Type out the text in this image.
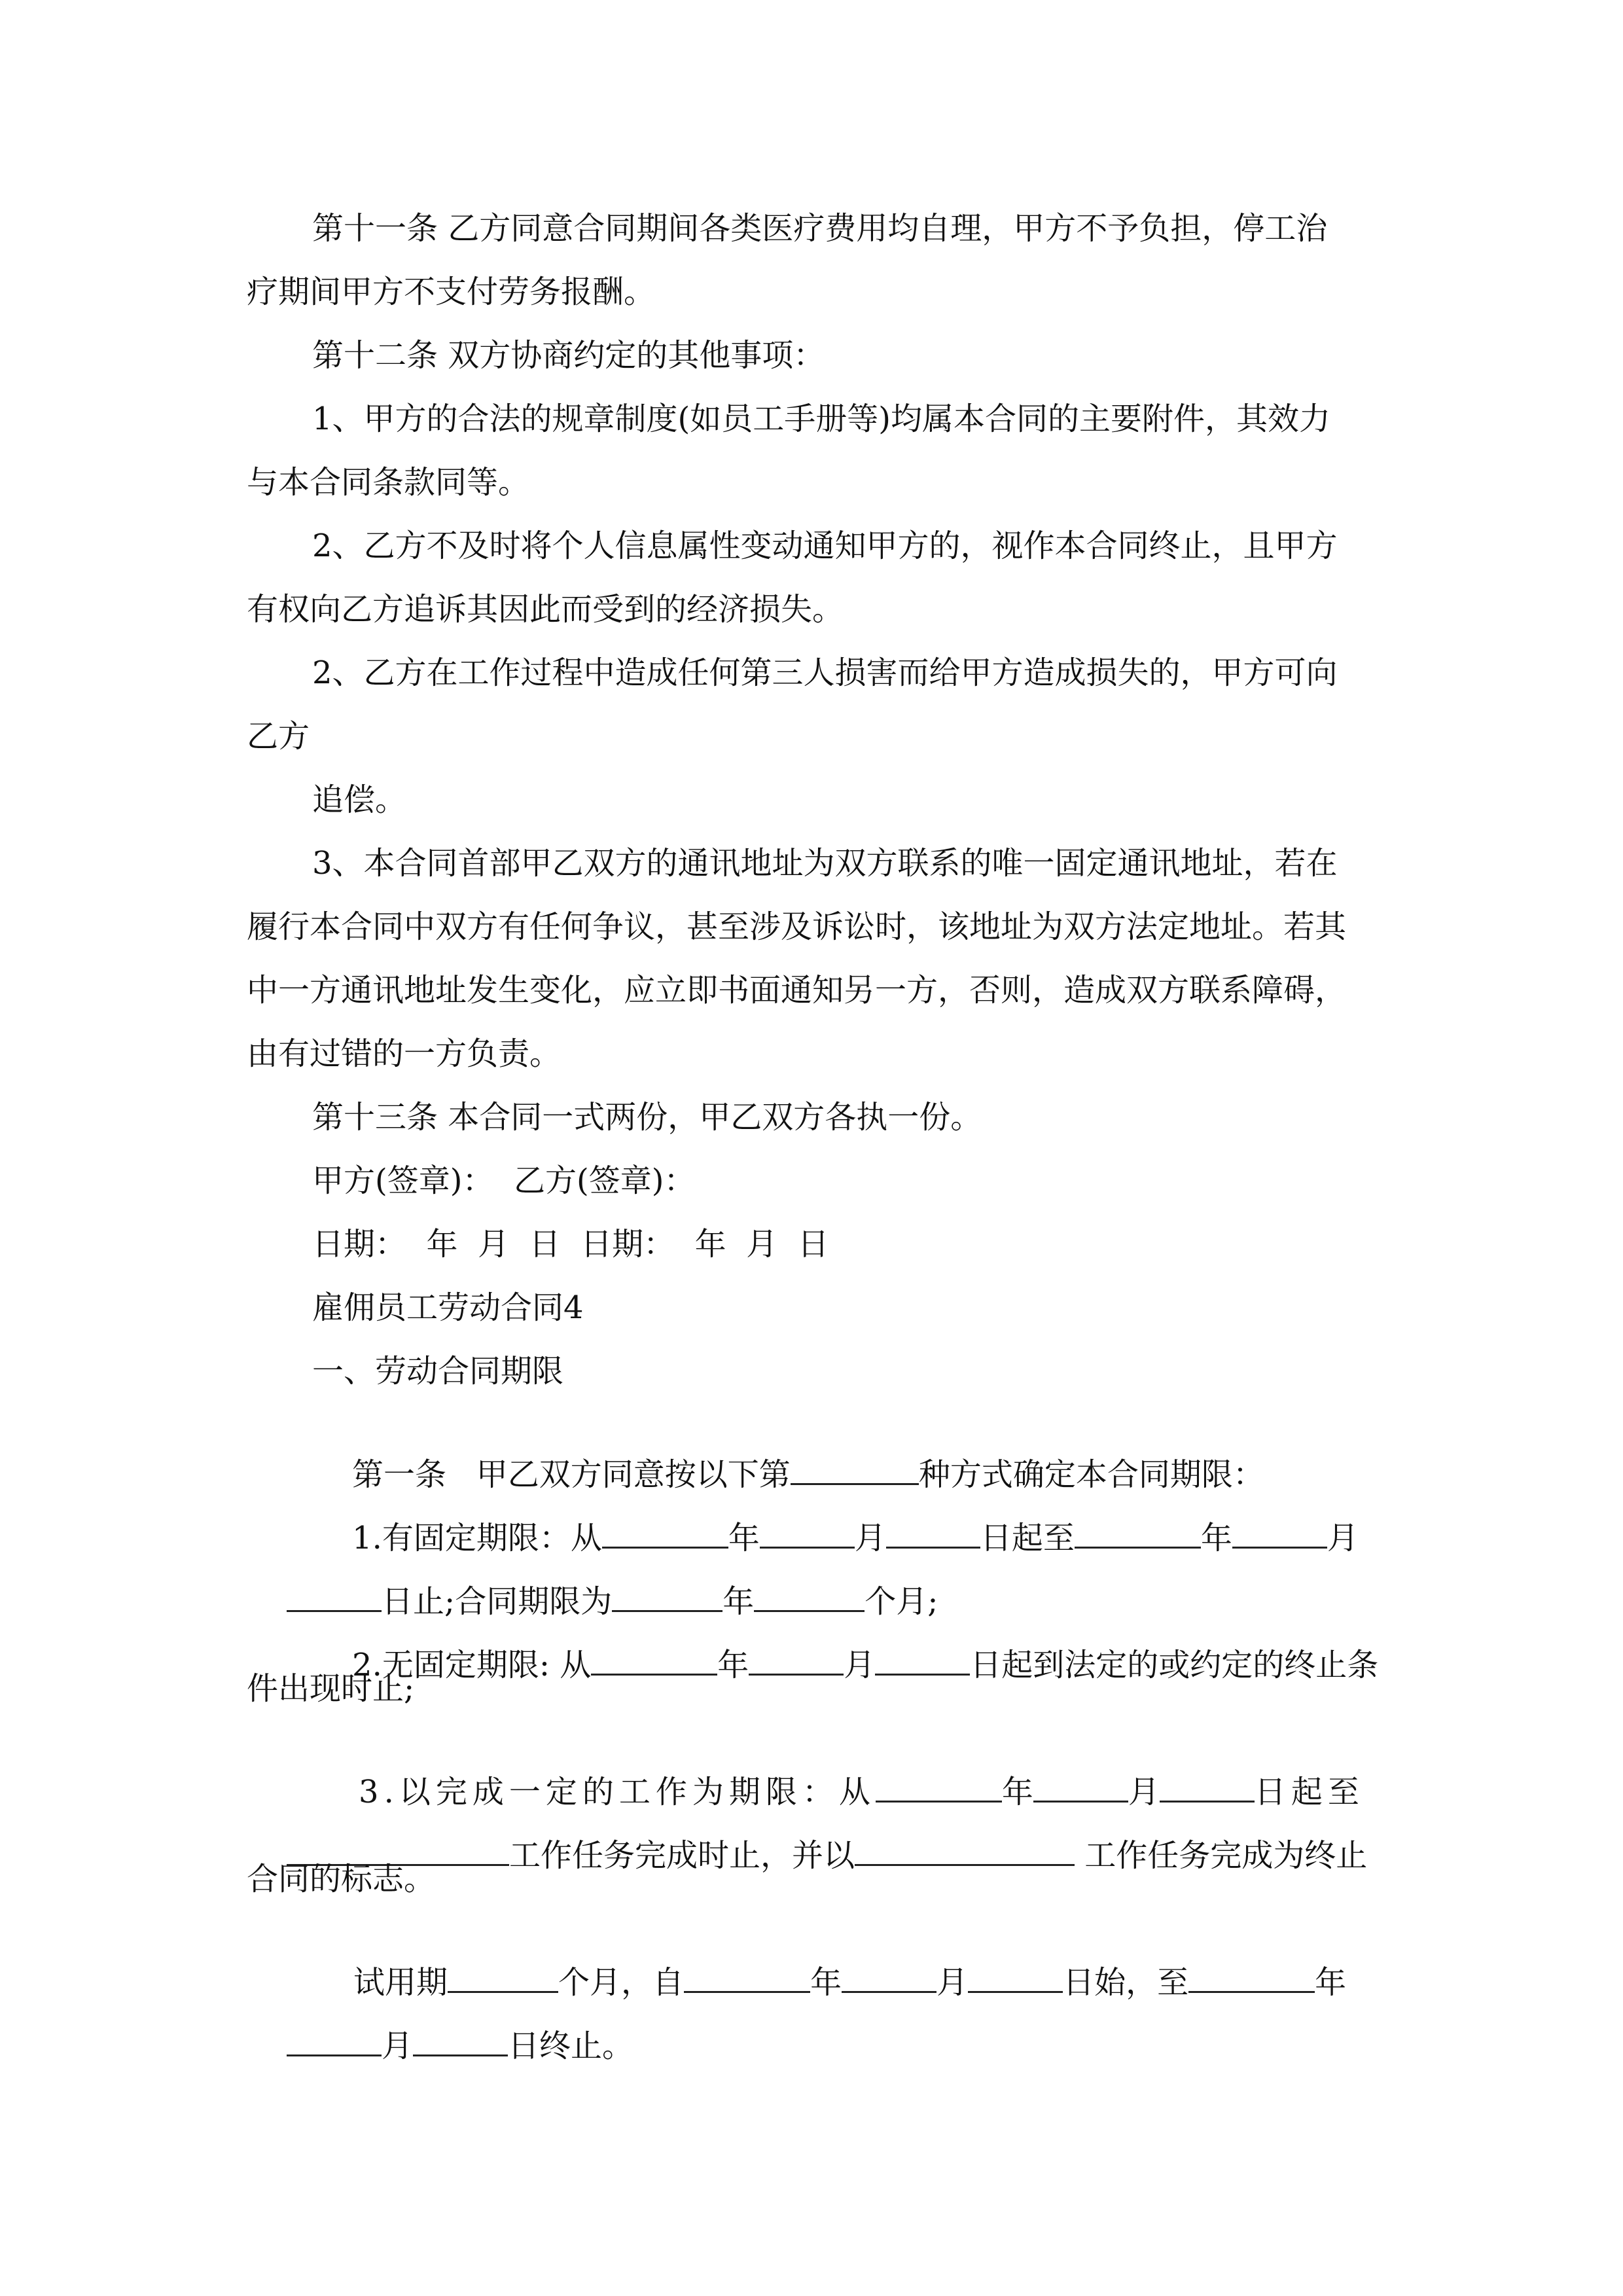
第十一条 乙方同意合同期间各类医疗费用均自理，甲方不予负担，停工治
疗期间甲方不支付劳务报酬。
第十二条 双方协商约定的其他事项：
1、甲方的合法的规章制度(如员工手册等)均属本合同的主要附件，其效力
与本合同条款同等。
2、乙方不及时将个人信息属性变动通知甲方的，视作本合同终止，且甲方
有权向乙方追诉其因此而受到的经济损失。
2、乙方在工作过程中造成任何第三人损害而给甲方造成损失的，甲方可向
乙方
追偿。
3、本合同首部甲乙双方的通讯地址为双方联系的唯一固定通讯地址，若在
履行本合同中双方有任何争议，甚至涉及诉讼时，该地址为双方法定地址。若其
中一方通讯地址发生变化，应立即书面通知另一方，否则，造成双方联系障碍，
由有过错的一方负责。
第十三条 本合同一式两份，甲乙双方各执一份。
甲方(签章)：  乙方(签章)：
日期：  年  月  日  日期：  年  月  日
雇佣员工劳动合同4
一、劳动合同期限

第一条   甲乙双方同意按以下第	种方式确定本合同期限：

1.有固定期限：从	年	月	日起至	年	月

日止;合同期限为	年	个月;

2.无固定期限: 从	年	月	日起到法定的或约定的终止条

件出现时止;

3.以完成一定的工作为期限：从	年	月	日起至

工作任务完成时止，并以	工作任务完成为终止

合同的标志。

试用期	个月，自	年	月	日始，至	年

月	日终止。
